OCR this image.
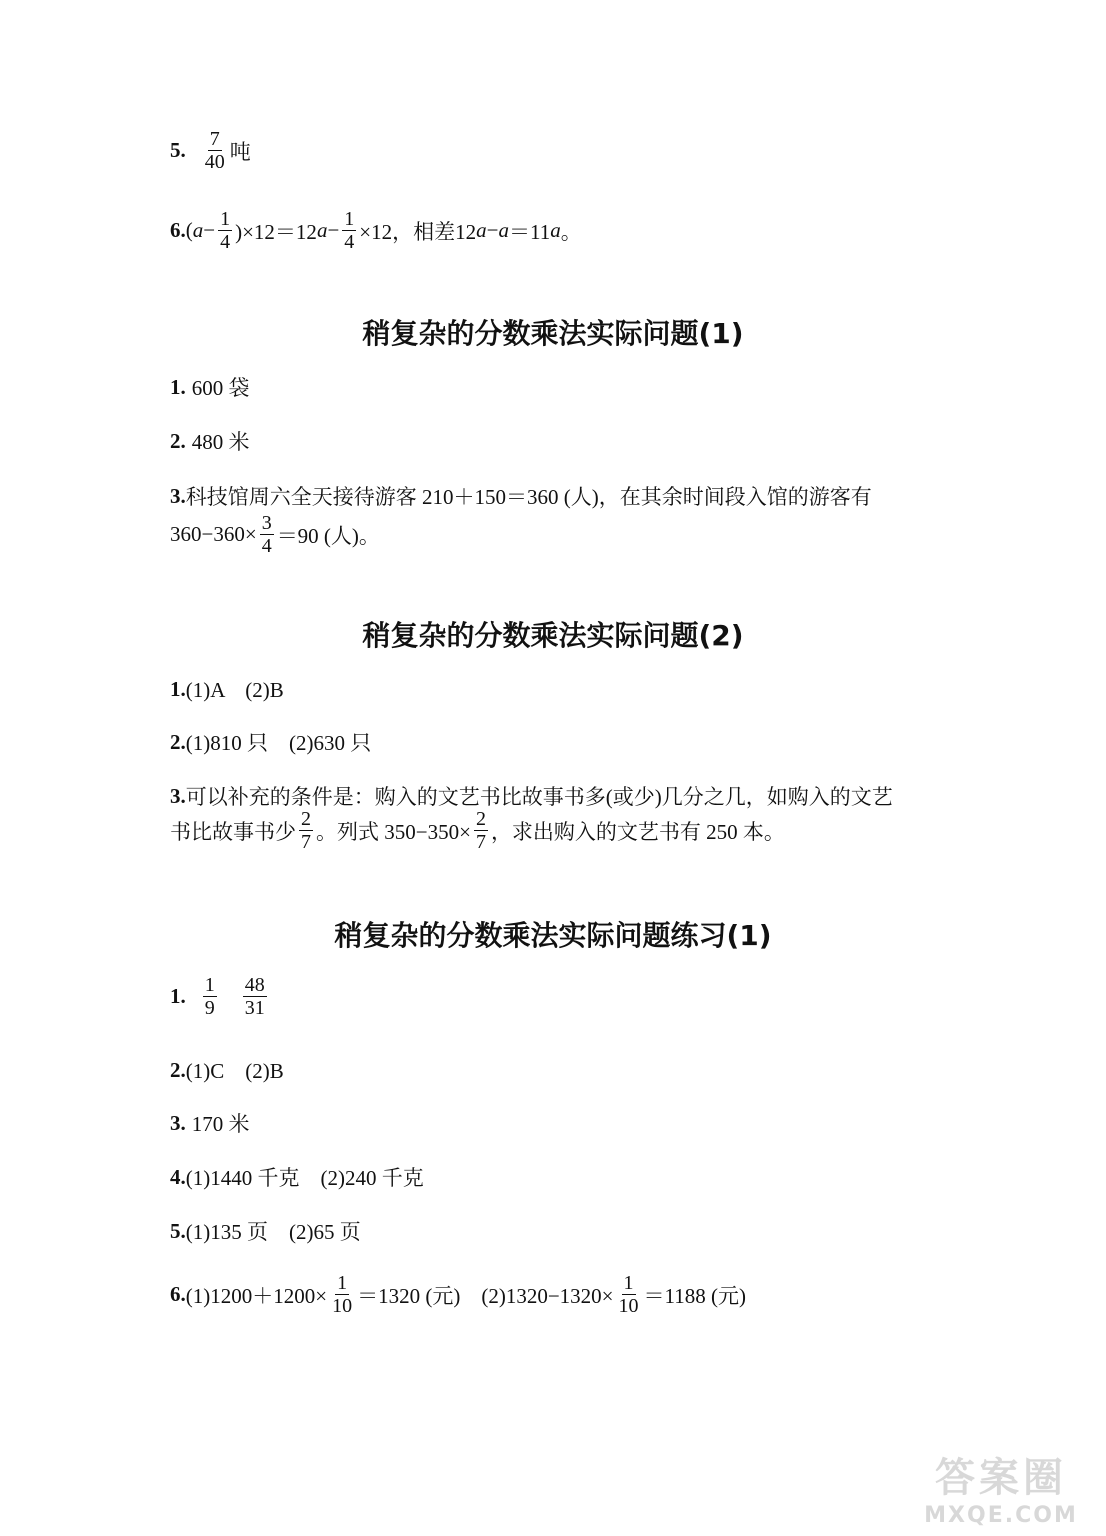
5. $\frac{7}{40}$ 吨
6. ( $a - \frac{1}{4} )\times 12=12$ $a - \frac{1}{4} \times 12$，相差12 a − a ＝11 a 。
稍复杂的分数乘法实际问题(1)
1. 600 袋
2. 480 米
3. 科技馆周六全天接待游客 210＋150＝360 (人)，在其余时间段入馆的游客有
$360-360\times \frac{3}{4} =90$ (人)。
稍复杂的分数乘法实际问题(2)
1. (1)A　(2)B
2. (1)810 只　(2)630 只
3. 可以补充的条件是：购入的文艺书比故事书多(或少)几分之几，如购入的文艺
书比故事书少 $\frac{2}{7}$ 。列式 $350-350\times \frac{2}{7}$ ，求出购入的文艺书有 250 本。
稍复杂的分数乘法实际问题练习(1)
1. $\frac{1}{9} \frac{48}{31}$
2. (1)C　(2)B
3. 170 米
4. (1)1440 千克　(2)240 千克
5. (1)135 页　(2)65 页
6. $(1)1200+1200\times \frac{1}{10} =1320$ (元)　$(2)1320-1320\times \frac{1}{10} =1188$ (元)
答案圈
MXQE.COM
